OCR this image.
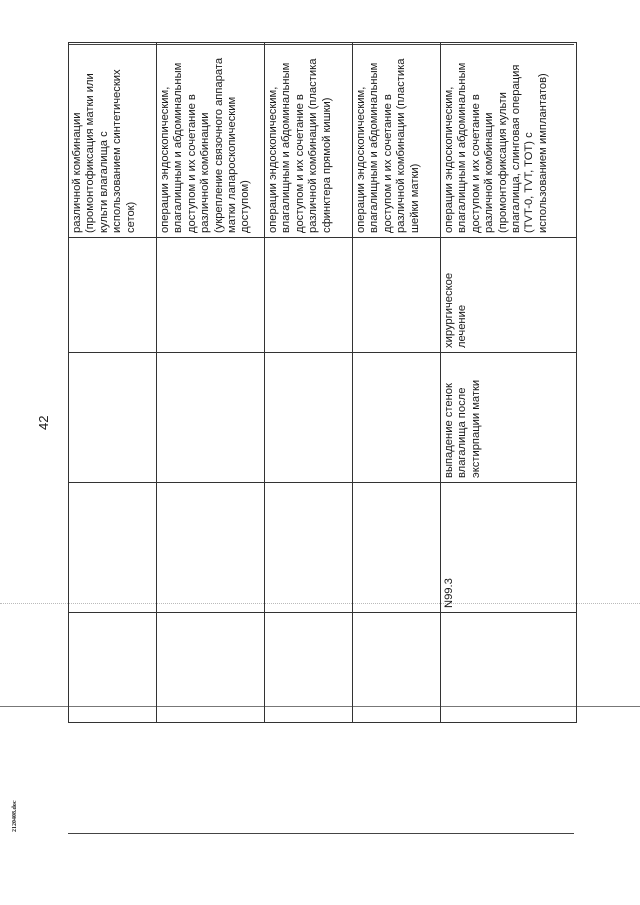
42
2120408.doc
				различной комбинации (промонтофиксация матки или культи влагалища с использованием синтетических сеток)
				операции эндоскопическим, влагалищным и абдоминальным доступом и их сочетание в различной комбинации (укрепление связочного аппарата матки лапароскопическим доступом)
				операции эндоскопическим, влагалищным и абдоминальным доступом и их сочетание в различной комбинации (пластика сфинктера прямой кишки)
				операции эндоскопическим, влагалищным и абдоминальным доступом и их сочетание в различной комбинации (пластика шейки матки)
	N99.3	выпадение стенок влагалища после экстирпации матки	хирургическое лечение	операции эндоскопическим, влагалищным и абдоминальным доступом и их сочетание в различной комбинации (промонтофиксация культи влагалища, слинговая операция (TVT-0, TVT, TOT) с использованием имплантатов)
